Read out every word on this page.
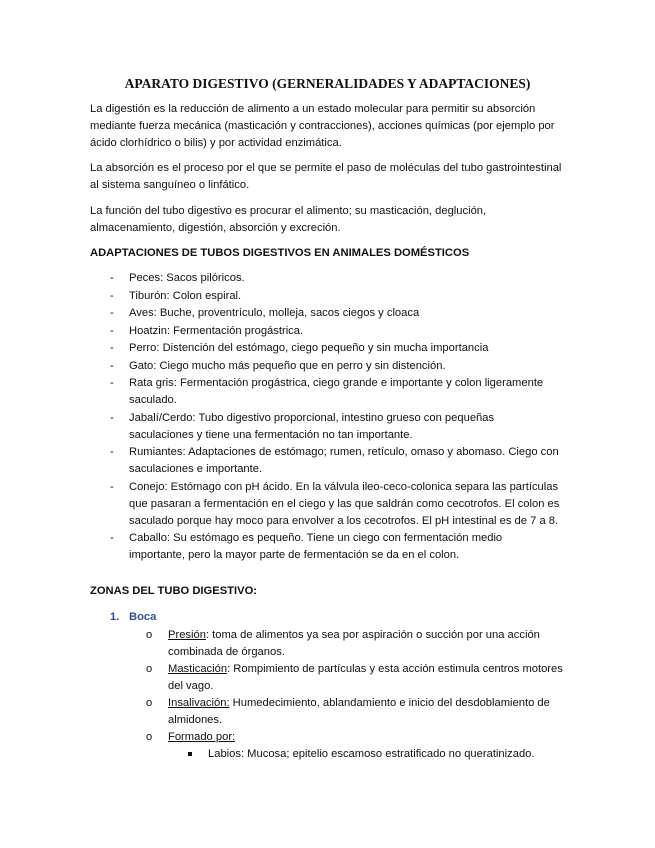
APARATO DIGESTIVO (GERNERALIDADES Y ADAPTACIONES)

La digestión es la reducción de alimento a un estado molecular para permitir su absorción mediante fuerza mecánica (masticación y contracciones), acciones químicas (por ejemplo por ácido clorhídrico o bilis) y por actividad enzimática.

La absorción es el proceso por el que se permite el paso de moléculas del tubo gastrointestinal al sistema sanguíneo o linfático.

La función del tubo digestivo es procurar el alimento; su masticación, deglución, almacenamiento, digestión, absorción y excreción.

ADAPTACIONES DE TUBOS DIGESTIVOS EN ANIMALES DOMÉSTICOS

- Peces: Sacos pilóricos.
- Tiburón: Colon espiral.
- Aves: Buche, proventrículo, molleja, sacos ciegos y cloaca
- Hoatzin: Fermentación progástrica.
- Perro: Distención del estómago, ciego pequeño y sin mucha importancia
- Gato: Ciego mucho más pequeño que en perro y sin distención.
- Rata gris: Fermentación progástrica, ciego grande e importante y colon ligeramente saculado.
- Jabalí/Cerdo: Tubo digestivo proporcional, intestino grueso con pequeñas saculaciones y tiene una fermentación no tan importante.
- Rumiantes: Adaptaciones de estómago; rumen, retículo, omaso y abomaso. Ciego con saculaciones e importante.
- Conejo: Estómago con pH ácido. En la válvula ileo-ceco-colonica separa las partículas que pasaran a fermentación en el ciego y las que saldrán como cecotrofos. El colon es saculado porque hay moco para envolver a los cecotrofos. El pH intestinal es de 7 a 8.
- Caballo: Su estómago es pequeño. Tiene un ciego con fermentación medio importante, pero la mayor parte de fermentación se da en el colon.

ZONAS DEL TUBO DIGESTIVO:

1. Boca
o Presión: toma de alimentos ya sea por aspiración o succión por una acción combinada de órganos.
o Masticación: Rompimiento de partículas y esta acción estimula centros motores del vago.
o Insalivación: Humedecimiento, ablandamiento e inicio del desdoblamiento de almidones.
o Formado por:
Labios: Mucosa; epitelio escamoso estratificado no queratinizado.
